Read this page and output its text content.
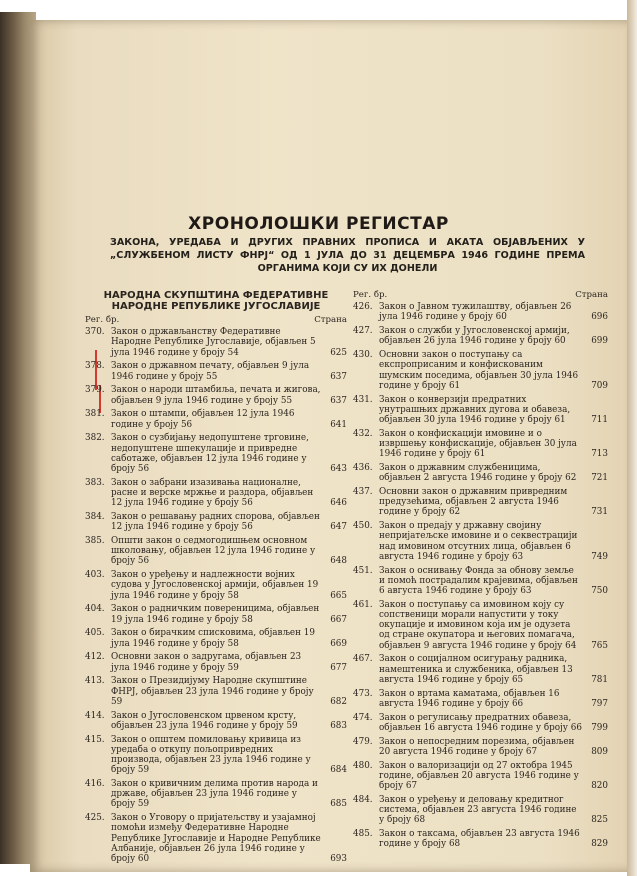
ХРОНОЛОШКИ РЕГИСТАР
ЗАКОНА, УРЕДАБА И ДРУГИХ ПРАВНИХ ПРОПИСА И АКАТА ОБЈАВЉЕНИХ У „СЛУЖБЕНОМ ЛИСТУ ФНРЈ“ ОД 1 ЈУЛА ДО 31 ДЕЦЕМБРА 1946 ГОДИНЕ ПРЕМА ОРГАНИМА КОЈИ СУ ИХ ДОНЕЛИ
НАРОДНА СКУПШТИНА ФЕДЕРАТИВНЕ НАРОДНЕ РЕПУБЛИКЕ ЈУГОСЛАВИЈЕ
Рег. бр.	Страна
370. Закон о држављанству Федеративне Народне Републике Југославије, објављен 5 јула 1946 године у броју 54	625
378. Закон о државном печату, објављен 9 јула 1946 године у броју 55	637
379. Закон о народи штамбиља, печата и жигова, објављен 9 јула 1946 године у броју 55	637
381. Закон о штампи, објављен 12 јула 1946 године у броју 56	641
382. Закон о сузбијању недопуштене трговине, недопуштене шпекулације и привредне саботаже, објављен 12 јула 1946 године у броју 56	643
383. Закон о забрани изазивања националне, расне и верске мржње и раздора, објављен 12 јула 1946 године у броју 56	646
384. Закон о решавању радних спорова, објављен 12 јула 1946 године у броју 56	647
385. Општи закон о седмогодишњем основном школовању, објављен 12 јула 1946 године у броју 56	648
403. Закон о уређењу и надлежности војних судова у Југословенској армији, објављен 19 јула 1946 године у броју 58	665
404. Закон о радничким повереницима, објављен 19 јула 1946 године у броју 58	667
405. Закон о бирачким списковима, објављен 19 јула 1946 године у броју 58	669
412. Основни закон о задругама, објављен 23 јула 1946 године у броју 59	677
413. Закон о Президијуму Народне скупштине ФНРЈ, објављен 23 јула 1946 године у броју 59	682
414. Закон о Југословенском црвеном крсту, објављен 23 јула 1946 године у броју 59	683
415. Закон о општем помиловању кривица из уредаба о откупу пољопривредних производа, објављен 23 јула 1946 године у броју 59	684
416. Закон о кривичним делима против народа и државе, објављен 23 јула 1946 године у броју 59	685
425. Закон о Уговору о пријатељству и узајамној помоћи између Федеративне Народне Републике Југославије и Народне Републике Албаније, објављен 26 јула 1946 године у броју 60	693
Рег. бр.	Страна
426. Закон о Јавном тужилаштву, објављен 26 јула 1946 године у броју 60	696
427. Закон о служби у Југословенској армији, објављен 26 јула 1946 године у броју 60	699
430. Основни закон о поступању са експроприсаним и конфискованим шумским поседима, објављен 30 јула 1946 године у броју 61	709
431. Закон о конверзији предратних унутрашњих државних дугова и обавеза, објављен 30 јула 1946 године у броју 61	711
432. Закон о конфискацији имовине и о извршењу конфискације, објављен 30 јула 1946 године у броју 61	713
436. Закон о државним службеницима, објављен 2 августа 1946 године у броју 62	721
437. Основни закон о државним привредним предузећима, објављен 2 августа 1946 године у броју 62	731
450. Закон о предају у државну својину непријатељске имовине и о секвестрацији над имовином отсутних лица, објављен 6 августа 1946 године у броју 63	749
451. Закон о оснивању Фонда за обнову земље и помоћ пострадалим крајевима, објављен 6 августа 1946 године у броју 63	750
461. Закон о поступању са имовином коју су сопственици морали напустити у току окупације и имовином која им је одузета од стране окупатора и његових помагача, објављен 9 августа 1946 године у броју 64	765
467. Закон о социјалном осигурању радника, намештеника и службеника, објављен 13 августа 1946 године у броју 65	781
473. Закон о вртама каматама, објављен 16 августа 1946 године у броју 66	797
474. Закон о регулисању предратних обавеза, објављен 16 августа 1946 године у броју 66	799
479. Закон о непосредним порезима, објављен 20 августа 1946 године у броју 67	809
480. Закон о валоризацији од 27 октобра 1945 године, објављен 20 августа 1946 године у броју 67	820
484. Закон о уређењу и деловању кредитног система, објављен 23 августа 1946 године у броју 68	825
485. Закон о таксама, објављен 23 августа 1946 године у броју 68	829
